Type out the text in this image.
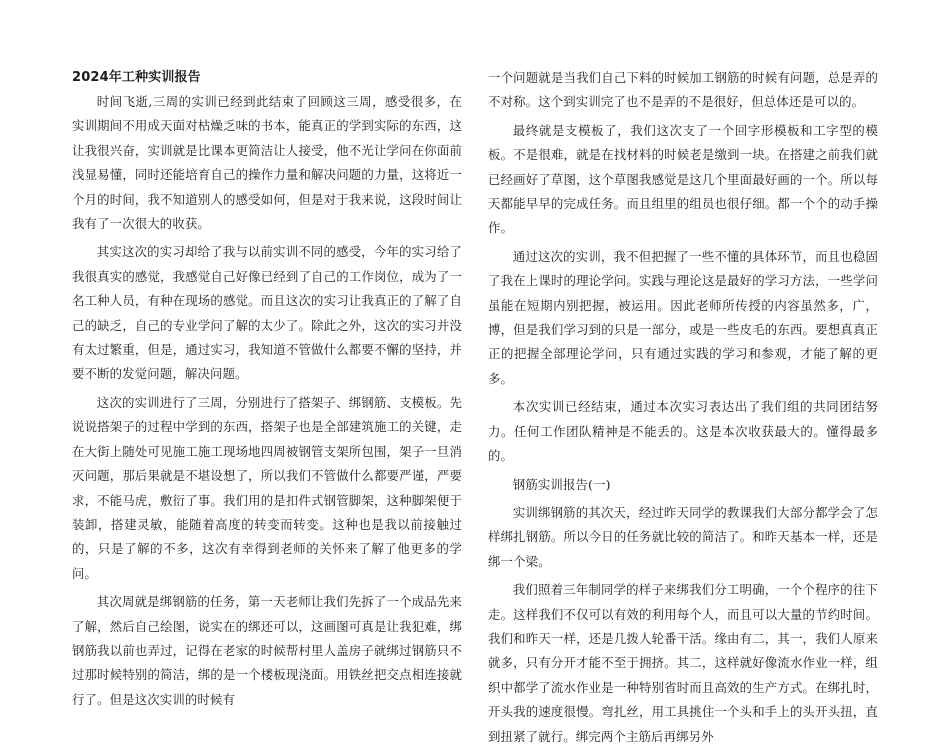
2024年工种实训报告

时间飞逝,三周的实训已经到此结束了回顾这三周，感受很多，在实训期间不用成天面对枯燥乏味的书本，能真正的学到实际的东西，这让我很兴奋，实训就是比课本更简洁让人接受，他不光让学问在你面前浅显易懂，同时还能培育自己的操作力量和解决问题的力量，这将近一个月的时间，我不知道别人的感受如何，但是对于我来说，这段时间让我有了一次很大的收获。

其实这次的实习却给了我与以前实训不同的感受，今年的实习给了我很真实的感觉，我感觉自己好像已经到了自己的工作岗位，成为了一名工种人员，有种在现场的感觉。而且这次的实习让我真正的了解了自己的缺乏，自己的专业学问了解的太少了。除此之外，这次的实习并没有太过繁重，但是，通过实习，我知道不管做什么都要不懈的坚持，并要不断的发觉问题，解决问题。

这次的实训进行了三周，分别进行了搭架子、绑钢筋、支模板。先说说搭架子的过程中学到的东西，搭架子也是全部建筑施工的关键，走在大街上随处可见施工施工现场地四周被钢管支架所包围，架子一旦消灭问题，那后果就是不堪设想了，所以我们不管做什么都要严谨，严要求，不能马虎，敷衍了事。我们用的是扣件式钢管脚架，这种脚架便于装卸，搭建灵敏，能随着高度的转变而转变。这种也是我以前接触过的，只是了解的不多，这次有幸得到老师的关怀来了解了他更多的学问。

其次周就是绑钢筋的任务，第一天老师让我们先拆了一个成品先来了解，然后自己绘图，说实在的绑还可以，这画图可真是让我犯难，绑钢筋我以前也弄过，记得在老家的时候帮村里人盖房子就绑过钢筋只不过那时候特别的简洁，绑的是一个楼板现浇面。用铁丝把交点相连接就行了。但是这次实训的时候有

一个问题就是当我们自己下料的时候加工钢筋的时候有问题，总是弄的不对称。这个到实训完了也不是弄的不是很好，但总体还是可以的。

最终就是支模板了，我们这次支了一个回字形模板和工字型的模板。不是很难，就是在找材料的时候老是缴到一块。在搭建之前我们就已经画好了草图，这个草图我感觉是这几个里面最好画的一个。所以每天都能早早的完成任务。而且组里的组员也很仔细。都一个个的动手操作。

通过这次的实训，我不但把握了一些不懂的具体环节，而且也稳固了我在上课时的理论学问。实践与理论这是最好的学习方法，一些学问虽能在短期内别把握，被运用。因此老师所传授的内容虽然多，广，博，但是我们学习到的只是一部分，或是一些皮毛的东西。要想真真正正的把握全部理论学问，只有通过实践的学习和参观，才能了解的更多。

本次实训已经结束，通过本次实习表达出了我们组的共同团结努力。任何工作团队精神是不能丢的。这是本次收获最大的。懂得最多的。

钢筋实训报告(一)

实训绑钢筋的其次天，经过昨天同学的教课我们大部分都学会了怎样绑扎钢筋。所以今日的任务就比较的简洁了。和昨天基本一样，还是绑一个梁。

我们照着三年制同学的样子来绑我们分工明确，一个个程序的往下走。这样我们不仅可以有效的利用每个人，而且可以大量的节约时间。我们和昨天一样，还是几拨人轮番干活。缘由有二，其一，我们人原来就多，只有分开才能不至于拥挤。其二，这样就好像流水作业一样，组织中都学了流水作业是一种特别省时而且高效的生产方式。在绑扎时，开头我的速度很慢。弯扎丝，用工具挑住一个头和手上的头开头扭，直到扭紧了就行。绑完两个主筋后再绑另外
